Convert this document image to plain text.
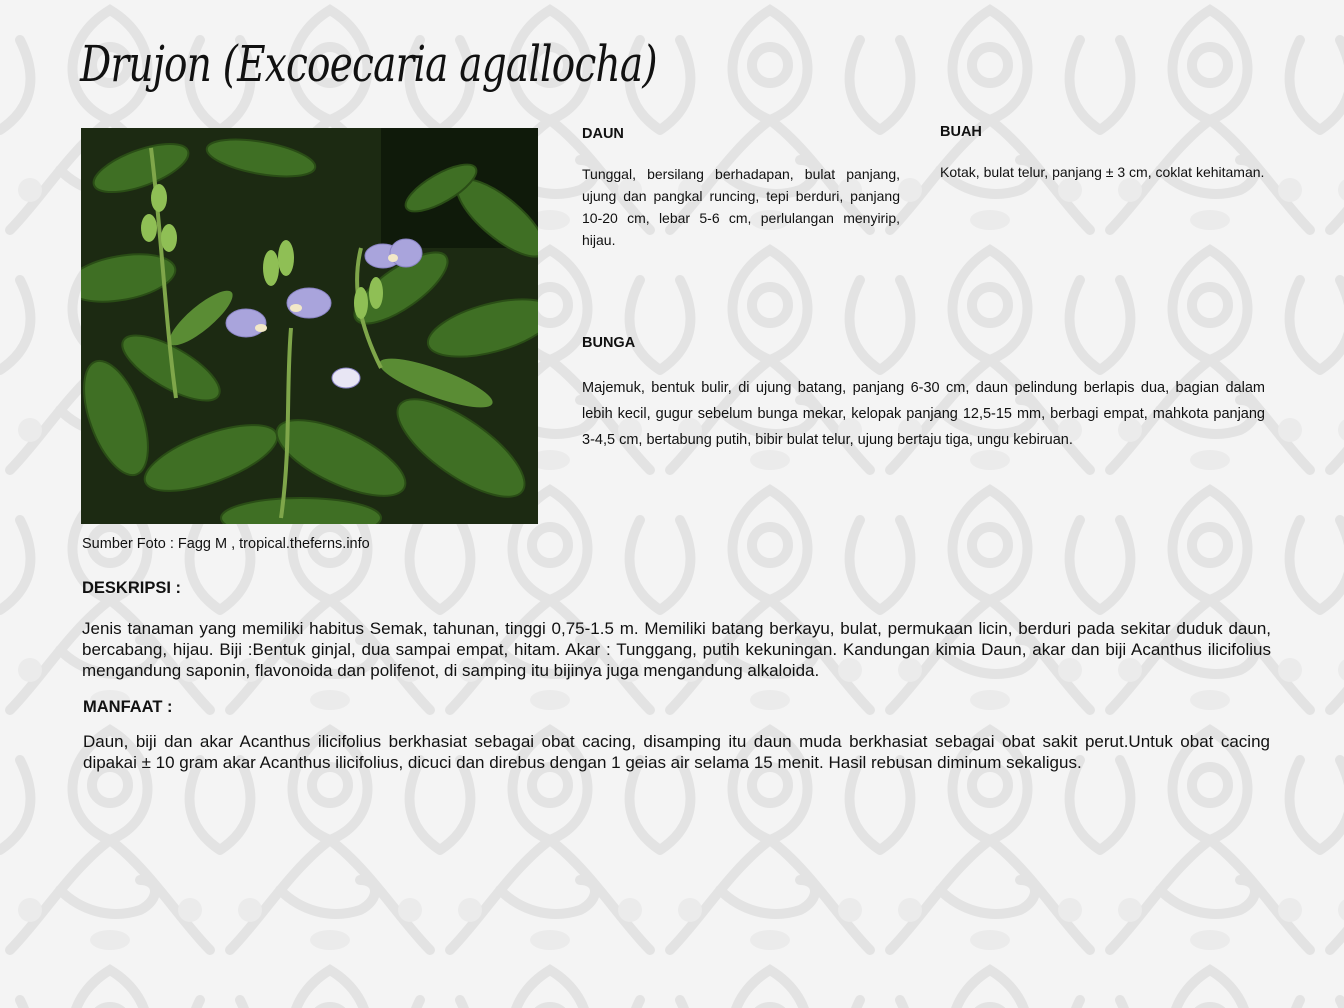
Drujon (Excoecaria agallocha)
Sumber Foto : Fagg M , tropical.theferns.info
DAUN

Tunggal, bersilang berhadapan, bulat panjang, ujung dan pangkal runcing, tepi berduri, panjang 10-20 cm, lebar 5-6 cm, perlulangan menyirip, hijau.

BUAH

Kotak, bulat telur, panjang ± 3 cm, coklat kehitaman.

BUNGA

Majemuk, bentuk bulir, di ujung batang, panjang 6-30 cm, daun pelindung berlapis dua, bagian dalam lebih kecil, gugur sebelum bunga mekar, kelopak panjang 12,5-15 mm, berbagi empat, mahkota panjang 3-4,5 cm, bertabung putih, bibir bulat telur, ujung bertaju tiga, ungu kebiruan.

DESKRIPSI :

Jenis tanaman yang memiliki habitus Semak, tahunan, tinggi 0,75-1.5 m. Memiliki batang berkayu, bulat, permukaan licin, berduri pada sekitar duduk daun, bercabang, hijau. Biji :Bentuk ginjal, dua sampai empat, hitam. Akar : Tunggang, putih kekuningan. Kandungan kimia Daun, akar dan biji Acanthus ilicifolius mengandung saponin, flavonoida dan polifenot, di samping itu bijinya juga mengandung alkaloida.

MANFAAT :

Daun, biji dan akar Acanthus ilicifolius berkhasiat sebagai obat cacing, disamping itu daun muda berkhasiat sebagai obat sakit perut.Untuk obat cacing dipakai ± 10 gram akar Acanthus ilicifolius, dicuci dan direbus dengan 1 geias air selama 15 menit. Hasil rebusan diminum sekaligus.
